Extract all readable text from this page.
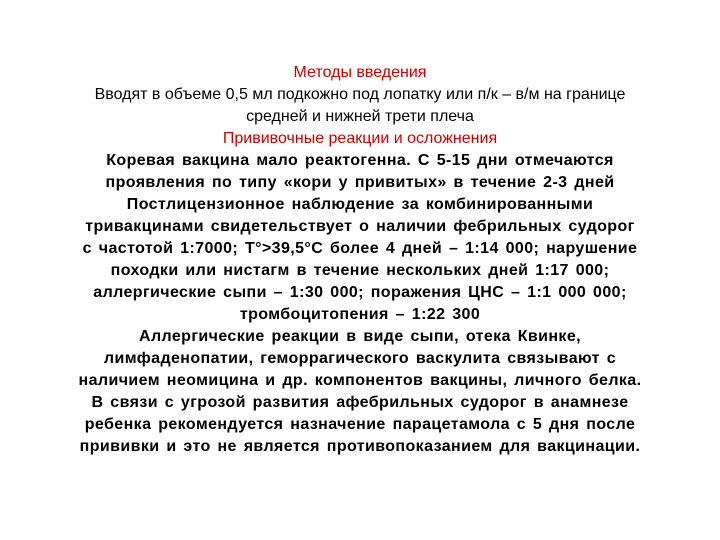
Методы введения
Вводят в объеме 0,5 мл подкожно под лопатку или п/к – в/м на границе
средней и нижней трети плеча
Прививочные реакции и осложнения
Коревая вакцина мало реактогенна. С 5-15 дни отмечаются
проявления по типу «кори у привитых» в течение 2-3 дней
Постлицензионное наблюдение за комбинированными
тривакцинами свидетельствует о наличии фебрильных судорог
с частотой 1:7000; Т°>39,5°С более 4 дней – 1:14 000; нарушение
походки или нистагм в течение нескольких дней 1:17 000;
аллергические сыпи – 1:30 000; поражения ЦНС – 1:1 000 000;
тромбоцитопения – 1:22 300
Аллергические реакции в виде сыпи, отека Квинке,
лимфаденопатии, геморрагического васкулита связывают с
наличием неомицина и др. компонентов вакцины, личного белка.
В связи с угрозой развития афебрильных судорог в анамнезе
ребенка рекомендуется назначение парацетамола с 5 дня после
прививки и это не является противопоказанием для вакцинации.
